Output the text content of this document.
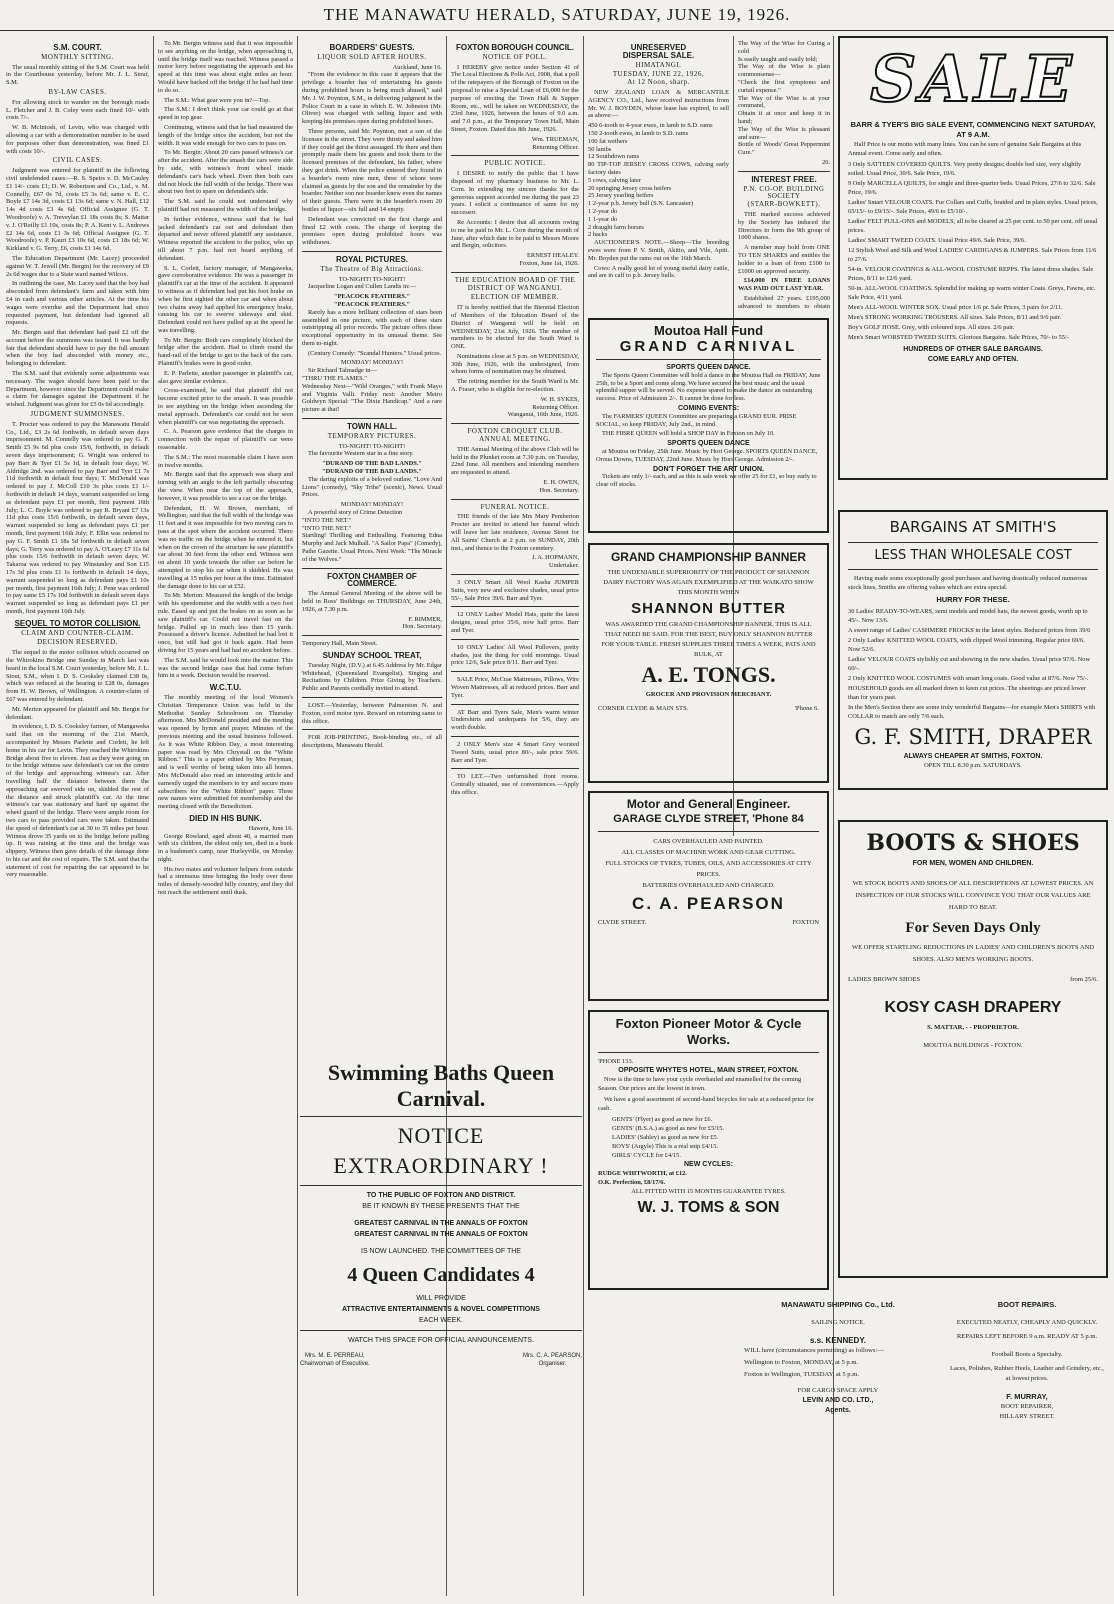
THE MANAWATU HERALD, SATURDAY, JUNE 19, 1926.
S.M. COURT.
MONTHLY SITTING.

The usual monthly sitting of the S.M. Court was held in the Courthouse yesterday, before Mr. J. L. Stout, S.M.

BY-LAW CASES.

For allowing stock to wander on the borough roads L. Fletcher and J. B. Coley were each fined 10/- with costs 7/-.

W. B. McIntosh, of Levin, who was charged with allowing a car with a demonstration number to be used for purposes other than demonstration, was fined £1 with costs 10/-.

CIVIL CASES.

Judgment was entered for plaintiff in the following civil undefended cases:—R. S. Speirs v. D. McCauley £1 14/- costs £1; D. W. Robertson and Co., Ltd., v. M. Connelly, £67 0s 7d, costs £5 3s 6d; same v. E. C. Boyle £7 14s 3d, costs £1 13s 6d; same v. N. Hall, £12 14s 4d costs £3 4s 6d; Official Assignee (G. T. Woodroofe) v. A. Treveylan £1 18s costs 8s; S. Mattar v. J. O'Reilly £1 10s, costs 8s; P. A. Kent v. L. Andrews £2 14s 6d, costs £1 3s 6d; Official Assignee (G. T. Woodroofe) v. P. Kauri £3 10s 6d, costs £1 18s 6d; W. Kirkland v. G. Terry, £6, costs £1 14s 6d.

The Education Department (Mr. Lacey) proceeded against W. T. Jewell (Mr. Bergin) for the recovery of £9 2s 6d wages due to a State ward named Wilcox.

In outlining the case, Mr. Lacey said that the boy had absconded from defendant's farm and taken with him £4 in cash and various other articles. At the time his wages were overdue and the Department had since requested payment, but defendant had ignored all requests.

Mr. Bergin said that defendant had paid £2 off the account before the summons was issued. It was hardly fair that defendant should have to pay the full amount when the boy had absconded with money etc., belonging to defendant.

The S.M. said that evidently some adjustments was necessary. The wages should have been paid to the Department, however since the Department could make a claim for damages against the Department if he wished. Judgment was given for £5 0s 6d accordingly.

JUDGMENT SUMMONSES.

T. Procter was ordered to pay the Manawatu Herald Co., Ltd., £3 2s 6d forthwith, in default seven days imprisonment. M. Connelly was ordered to pay G. F. Smith £5 9s 6d plus costs 15/6, forthwith, in default seven days imprisonment; G. Wright was ordered to pay Barr & Tyer £1 5s 1d, in default four days; W. Aldridge 2nd. was ordered to pay Barr and Tyer £1 7s 11d forthwith in default four days; T. McDonald was ordered to pay J. McColl £10 3s plus costs £1 1/- forthwith in default 14 days, warrant suspended so long as defendant pays £1 per month, first payment 16th July; L. C. Boyle was ordered to pay R. Bryant £7 13s 11d plus costs 15/6 forthwith, in default seven days, warrant suspended so long as defendant pays £1 per month, first payment 16th July; F. Ellin was ordered to pay G. F. Smith £1 18s 5d forthwith in default seven days; G. Terry was ordered to pay A. O'Leary £7 11s 6d plus costs 15/6 forthwith in default seven days; W. Takaroa was ordered to pay Winstanley and Son £15 17s 3d plus costs £1 1s forthwith in default 14 days, warrant suspended so long as defendant pays £1 10s per month, first payment 16th July; J. Pene was ordered to pay same £5 17s 10d forthwith in default seven days warrant suspended so long as defendant pays £1 per month, first payment 16th July.

SEQUEL TO MOTOR COLLISION.
CLAIM AND COUNTER-CLAIM.
DECISION RESERVED.

The sequel to the motor collision which occurred on the Whirokino Bridge one Sunday in March last was heard in the local S.M. Court yesterday, before Mr. J. L. Stout, S.M., when I. D. S. Cooksley claimed £38 0s, which was reduced at the hearing to £28 0s, damages from H. W. Brown, of Wellington. A counter-claim of £67 was entered by defendant.

Mr. Merton appeared for plaintiff and Mr. Bergin for defendant.

In evidence, I. D. S. Cooksley farmer, of Mangaweka said that on the morning of the 21st March, accompanied by Messrs Parlette and Corlett, he left home in his car for Levin. They reached the Whirokino Bridge about five to eleven. Just as they were going on to the bridge witness saw defendant's car on the centre of the bridge and approaching witness's car. After travelling half the distance between them the approaching car swerved side on, skidded the rest of the distance and struck plaintiff's car. At the time witness's car was stationary and hard up against the wheel guard of the bridge. There were ample room for two cars to pass provided cars were taken. Estimated the speed of defendant's car at 30 to 35 miles per hour. Witness drove 35 yards on to the bridge before pulling up. It was raining at the time and the bridge was slippery. Witness then gave details of the damage done to his car and the cost of repairs. The S.M. said that the statement of cost for repairing the car appeared to be very reasonable.

To Mr. Bergin witness said that it was impossible to see anything on the bridge, when approaching it, until the bridge itself was reached. Witness passed a motor lorry before negotiating the approach and his speed at this time was about eight miles an hour. Would have backed off the bridge if he had had time to do so.

The S.M.: What gear were you in?—Top.

The S.M.: I don't think your car could go at that speed in top gear.

Continuing, witness said that he had measured the length of the bridge since the accident, but not the width. It was wide enough for two cars to pass on.

To Mr. Bergin: About 20 cars passed witness's car after the accident. After the smash the cars were side by side, with witness's front wheel inside defendant's car's back wheel. Even then both cars did not block the full width of the bridge. There was about two feet to spare on defendant's side.

The S.M. said he could not understand why plaintiff had not measured the width of the bridge.

In further evidence, witness said that he had jacked defendant's car out and defendant then departed and never offered plaintiff any assistance. Witness reported the accident to the police, who up till about 7 p.m. had not heard anything of defendant.

S. L. Corlett, factory manager, of Mangaweka, gave corroborative evidence. He was a passenger in plaintiff's car at the time of the accident. It appeared to witness as if defendant had put his foot brake on when he first sighted the other car and when about two chains away had applied his emergency brake, causing his car to swerve sideways and skid. Defendant could not have pulled up at the speed he was travelling.

To Mr. Bergin: Both cars completely blocked the bridge after the accident. Had to climb round the hand-rail of the bridge to get to the back of the cars. Plaintiff's brakes were in good order.

E. P. Parlette, another passenger in plaintiff's car, also gave similar evidence.

Cross-examined, he said that plaintiff did not become excited prior to the smash. It was possible to see anything on the bridge when ascending the metal approach. Defendant's car could not be seen when plaintiff's car was negotiating the approach.

C. A. Pearson gave evidence that the charges in connection with the repair of plaintiff's car were reasonable.

The S.M.: The most reasonable claim I have seen in twelve months.

Mr. Bergin said that the approach was sharp and turning with an angle to the left partially obscuring the view. When near the top of the approach, however, it was possible to see a car on the bridge.

Defendant, H. W. Brown, merchant, of Wellington, said that the full width of the bridge was 11 feet and it was impossible for two moving cars to pass at the spot where the accident occurred. There was no traffic on the bridge when he entered it, but when on the crown of the structure he saw plaintiff's car about 30 feet from the other end. Witness sent on about 10 yards towards the other car before he attempted to stop his car when it skidded. He was travelling at 15 miles per hour at the time. Estimated the damage done to his car at £52.

To Mr. Merton: Measured the length of the bridge with his speedometer and the width with a two foot rule. Eased up and put the brakes on as soon as he saw plaintiff's car. Could not travel fast on the bridge. Pulled up in much less than 15 yards. Possessed a driver's licence. Admitted he had lost it once, but still had got it back again. Had been driving for 15 years and had had no accident before.

The S.M. said he would look into the matter. This was the second bridge case that had come before him in a week. Decision would be reserved.

W.C.T.U.

The monthly meeting of the local Women's Christian Temperance Union was held in the Methodist Sunday Schoolroom on Thursday afternoon. Mrs McDonald presided and the meeting was opened by hymn and prayer. Minutes of the previous meeting and the usual business followed. As it was White Ribbon Day, a most interesting paper was read by Mrs Chrystall on the "White Ribbon." This is a paper edited by Mrs Peryman, and is well worthy of being taken into all homes. Mrs McDonald also read an interesting article and earnestly urged the members to try and secure more subscribers for the "White Ribbon" paper. Three new names were submitted for membership and the meeting closed with the Benediction.

DIED IN HIS BUNK.
Hawera, June 16.

George Rowland, aged about 40, a married man with six children, the eldest only ten, died in a bunk in a bushmen's camp, near Hurleyville, on Monday night.

His two mates and volunteer helpers from outside had a strenuous time bringing the body over three miles of densely-wooded hilly country, and they did not reach the settlement until dusk.

BOARDERS' GUESTS.
LIQUOR SOLD AFTER HOURS.
Auckland, June 16.

"From the evidence in this case it appears that the privilege a boarder has of entertaining his guests during prohibited hours is being much abused," said Mr. J. W. Poynton, S.M., in delivering judgment in the Police Court in a case in which E. W. Johnston (Mr. Oliver) was charged with selling liquor and with keeping his premises open during prohibited hours.

Three persons, said Mr. Poynton, met a son of the licensee in the street. They were thirsty and asked him if they could get the thirst assuaged. He there and then promptly made them his guests and took them to the licensed premises of the defendant, his father, where they got drink. When the police entered they found in a boarder's room nine men, three of whom were claimed as guests by the son and the remainder by the boarder. Neither son nor boarder knew even the names of their guests. There were in the boarder's room 20 bottles of liquor—six full and 14 empty.

Defendant was convicted on the first charge and fined £2 with costs. The charge of keeping the premises open during prohibited hours was withdrawn.

ROYAL PICTURES.
The Theatre of Big Attractions.
TO-NIGHT! TO-NIGHT!

Jacqueline Logan and Cullen Landis in:—

"PEACOCK FEATHERS."
"PEACOCK FEATHERS."

Rarely has a more brilliant collection of stars been assembled in one picture, with each of these stars outstripping all prior records. The picture offers these exceptional opportunity in its unusual theme. See them to-night.

(Century Comedy: "Scandal Hunters." Usual prices.

MONDAY! MONDAY!

Sir Richard Talmadge in—
"THRU THE FLAMES."
Wednesday Next—"Wild Oranges," with Frank Mayo and Virginia Valli. Friday next: Another Metro Goldwyn Special: "The Dixie Handicap." And a rare picture at that!

TOWN HALL.
TEMPORARY PICTURES.
TO-NIGHT! TO-NIGHT!

The favourite Western star in a fine story.

"DURAND OF THE BAD LANDS."
"DURAND OF THE BAD LANDS."

The daring exploits of a beloved outlaw. "Love And Lions" (comedy), "Sky Tribe" (scenic), News. Usual Prices.

MONDAY! MONDAY!

A powerful story of Crime Detection
"INTO THE NET."
"INTO THE NET."
Startling! Thrilling and Enthralling. Featuring Edna Murphy and Jack Mulhall. "A Sailor Papa" (Comedy), Pathe Gazette. Usual Prices. Next Week: "The Miracle of the Wolves."

FOXTON CHAMBER OF COMMERCE.

The Annual General Meeting of the above will be held in Ross' Buildings on THURSDAY, June 24th, 1926, at 7.30 p.m.

F. RIMMER,
Hon. Secretary.
Temporary Hall, Main Street.
SUNDAY SCHOOL TREAT,

Tuesday Night, (D.V.) at 6.45 Address by Mr. Edgar Whitehead, (Queensland Evangelist). Singing and Recitations by Children. Prize Giving by Teachers. Public and Parents cordially invited to attend.

LOST.—Yesterday, between Palmerston N. and Foxton, cord motor tyre. Reward on returning same to this office.

FOR JOB-PRINTING, Book-binding etc., of all descriptions, Manawatu Herald.

FOXTON BOROUGH COUNCIL.
NOTICE OF POLL.

I HEREBY give notice under Section 41 of The Local Elections & Polls Act, 1908, that a poll of the ratepayers of the Borough of Foxton on the proposal to raise a Special Loan of £6,000 for the purpose of erecting the Town Hall & Supper Room, etc., will be taken on WEDNESDAY, the 23rd June, 1926, between the hours of 9.0 a.m. and 7.0 p.m., at the Temporary Town Hall, Main Street, Foxton. Dated this 8th June, 1926.

Wm. TRUEMAN,
Returning Officer.
PUBLIC NOTICE.

I DESIRE to notify the public that I have disposed of my pharmacy business to Mr. L. Corn. In extending my sincere thanks for the generous support accorded me during the past 23 years. I solicit a continuance of same for my successor.

Re Accounts: I desire that all accounts owing to me be paid to Mr. L. Corn during the month of June, after which date to be paid to Messrs Moore and Bergin, solicitors.

ERNEST HEALEY.
Foxton, June 1st, 1926.
THE EDUCATION BOARD OF THE DISTRICT OF WANGANUI.
ELECTION OF MEMBER.

IT is hereby notified that the Biennial Election of Members of the Education Board of the District of Wanganui will be held on WEDNESDAY, 21st July, 1926. The number of members to be elected for the South Ward is ONE.

Nominations close at 5 p.m. on WEDNESDAY, 30th June, 1926, with the undersigned, from whom forms of nomination may be obtained.

The retiring member for the South Ward is Mr. A. Fraser, who is eligible for re-election.

W. H. SYKES,
Returning Officer.
Wanganui, 16th June, 1926.
FOXTON CROQUET CLUB.
ANNUAL MEETING.

THE Annual Meeting of the above Club will be held in the Plunket room at 7.30 p.m. on Tuesday, 22nd June. All members and intending members are requested to attend.

E. H. OWEN,
Hon. Secretary.
FUNERAL NOTICE.

THE friends of the late Mrs Mary Pemberton Procter are invited to attend her funeral which will leave her late residence, Avenue Street for All Saints' Church at 2 p.m. on SUNDAY, 20th inst., and thence to the Foxton cemetery.

J. A. HOPMANN,
Undertaker.

3 ONLY Smart All Wool Kasha JUMPER Suits, very new and exclusive shades, usual price 55/-, Sale Price 39/6. Barr and Tyer.

12 ONLY Ladies' Model Hats, quite the latest designs, usual price 35/6, now half price. Barr and Tyer.

10 ONLY Ladies' All Wool Pullovers, pretty shades, just the thing for cold mornings. Usual price 12/6, Sale price 8/11. Barr and Tyer.

SALE Price, McCrae Mattresses, Pillows, Wire Woven Mattresses, all at reduced prices. Barr and Tyer.

AT Barr and Tyers Sale, Men's warm winter Undershirts and underpants for 5/6, they are worth double.

2 ONLY Men's size 4 Smart Grey worsted Tweed Suits, usual price 80/-, sale price 59/6. Barr and Tyer.

TO LET.—Two unfurnished front rooms. Centrally situated, use of conveniences.—Apply this office.

Swimming Baths Queen Carnival.
NOTICE EXTRAORDINARY !
TO THE PUBLIC OF FOXTON AND DISTRICT.
BE IT KNOWN BY THESE PRESENTS THAT THE
GREATEST CARNIVAL IN THE ANNALS OF FOXTON
GREATEST CARNIVAL IN THE ANNALS OF FOXTON
IS NOW LAUNCHED. THE COMMITTEES OF THE
4 Queen Candidates 4
WILL PROVIDE
ATTRACTIVE ENTERTAINMENTS & NOVEL COMPETITIONS
EACH WEEK.
WATCH THIS SPACE FOR OFFICIAL ANNOUNCEMENTS.
Mrs. M. E. PERREAU,
Chairwoman of Executive.
Mrs. C. A. PEARSON,
Organiser.
UNRESERVED
DISPERSAL SALE.
HIMATANGI.
TUESDAY, JUNE 22, 1926,
At 12 Noon, sharp.

NEW ZEALAND LOAN & MERCANTILE AGENCY CO., Ltd., have received instructions from Mr. W. J. BOYDEN, whose lease has expired, to sell as above:—

450 6-tooth to 4-year ewes, in lamb to S.D. rams
150 2-tooth ewes, in lamb to S.D. rams
100 fat wethers
50 lambs
12 Southdown rams
80 TIP-TOP JERSEY CROSS COWS, calving early factory dates
5 cows, calving later
20 springing Jersey cross heifers
25 Jersey yearling heifers
1 2-year p.b. Jersey bull (S.N. Lancaster)
1 2-year do
1 1-year do
2 draught farm horses
2 hacks

AUCTIONEER'S NOTE.—Sheep—The breeding ewes were from P. V. Smith, Akitio, and Vile, Apiti. Mr. Boyden put the rams out on the 16th March.

Cows: A really good lot of young useful dairy cattle, and are in calf to p.b. Jersey bulls.

The Way of the Wise for Curing a cold
Is easily taught and easily told;
The Way of the Wise is plain commonsense—
"Check the first symptoms and curtail expense."
The Way of the Wise is at your command,
Obtain it at once and keep it in hand;
The Way of the Wise is pleasant and sure—
Bottle of Woods' Great Peppermint Cure."

20.
INTEREST FREE.
P.N. CO-OP. BUILDING SOCIETY
(STARR-BOWKETT).

THE marked success achieved by the Society has induced the Directors to form the 9th group of 1000 shares.

A member may hold from ONE TO TEN SHARES and entitles the holder to a loan of from £100 to £1000 on approved security.

£14,000 IN FREE LOANS WAS PAID OUT LAST YEAR.

Established 27 years. £195,000 advanced to members to obtain

Moutoa Hall Fund
GRAND CARNIVAL
SPORTS QUEEN DANCE.

The Sports Queen Committee will hold a dance in the Moutoa Hall on FRIDAY, June 25th, to be a Sport and come along. We have secured the best music and the usual splendid supper will be served. No expense spared to make the dance an outstanding success. Price of Admission 2/-. It cannot be done for less.

COMING EVENTS:

The FARMERS' QUEEN Committee are preparing a GRAND EUR. PRISE SOCIAL, so keep FRIDAY, July 2nd., in mind.

THE FIBRE QUEEN will hold a SHOP DAY in Foxton on July 10.

SPORTS QUEEN DANCE

at Moutoa on Friday, 25th June. Music by Hori George. SPORTS QUEEN DANCE, Oroua Downs, TUESDAY, 22nd June. Music by Hori George. Admission 2/-.

DON'T FORGET THE ART UNION.

Tickets are only 1/- each, and as this is sale week we offer 25 for £1, so buy early to clear off stocks.

GRAND CHAMPIONSHIP BANNER
THE UNDENIABLE SUPERIORITY OF THE PRODUCT OF SHANNON DAIRY FACTORY WAS AGAIN EXEMPLIFIED AT THE WAIKATO SHOW THIS MONTH WHEN
SHANNON BUTTER
WAS AWARDED THE GRAND CHAMPIONSHIP BANNER. THIS IS ALL THAT NEED BE SAID. FOR THE BEST, BUY ONLY SHANNON BUTTER FOR YOUR TABLE. FRESH SUPPLIES THREE TIMES A WEEK, PATS AND BULK, AT
A. E. TONGS.
GROCER AND PROVISION MERCHANT.
CORNER CLYDE & MAIN STS.	'Phone 6.
Motor and General Engineer.
GARAGE CLYDE STREET, 'Phone 84
CARS OVERHAULED AND PAINTED.
ALL CLASSES OF MACHINE WORK AND GEAR CUTTING.
FULL STOCKS OF TYRES, TUBES, OILS, AND ACCESSORIES AT CITY PRICES.
BATTERIES OVERHAULED AND CHARGED.
C. A. PEARSON
CLYDE STREET.	FOXTON
Foxton Pioneer Motor & Cycle Works.
'PHONE 133.
OPPOSITE WHYTE'S HOTEL, MAIN STREET, FOXTON.

Now is the time to have your cycle overhauled and enamelled for the coming Season. Our prices are the lowest in town.

We have a good assortment of second-hand bicycles for sale at a reduced price for cash.

GENTS' (Flyer) as good as new for £6.
GENTS' (B.S.A.) as good as new for £5/15.
LADIES' (Sahley) as good as new for £5.
BOYS' (Argyle) This is a real snip £4/15.
GIRLS' CYCLE for £4/15.
NEW CYCLES:
RUDGE WHITWORTH, at £12.
O.K. Perfection, £8/17/6.
ALL FITTED WITH 15 MONTHS GUARANTEE TYRES.
W. J. TOMS & SON
SALE
BARR & TYER'S BIG SALE EVENT, COMMENCING NEXT SATURDAY, AT 9 A.M.

Half Price is our motto with many lines. You can be sure of genuine Sale Bargains at this Annual event. Come early and often.

3 Only SATTEEN COVERED QUILTS. Very pretty designs; double bed size, very slightly soiled. Usual Price, 30/6. Sale Price, 19/6.
9 Only MARCELLA QUILTS, for single and three-quarter beds. Usual Prices, 27/6 to 32/6. Sale Price, 19/6.
Ladies' Smart VELOUR COATS. Fur Collars and Cuffs, braided and in plain styles. Usual prices, 65/15/- to £9/15/-. Sale Prices, 49/6 to £5/10/-.
Ladies' FELT PULL-ONS and MODELS, all to be cleared at 25 per cent. to 50 per cent. off usual prices.
Ladies' SMART TWEED COATS. Usual Price 49/6. Sale Price, 39/6.
12 Stylish Wool and Silk and Wool LADIES' CARDIGANS & JUMPERS. Sale Prices from 11/6 to 27/6.
54-in. VELOUR COATINGS & ALL-WOOL COSTUME REPPS. The latest dress shades. Sale Prices, 8/11 to 12/6 yard.
50-in. ALL-WOOL COATINGS. Splendid for making up warm winter Coats. Greys, Fawns, etc. Sale Price, 4/11 yard.
Men's ALL-WOOL WINTER SOX. Usual price 1/6 pr. Sale Prices, 3 pairs for 2/11.
Men's STRONG WORKING TROUSERS. All sizes. Sale Prices, 8/11 and 9/6 pair.
Boy's GOLF HOSE. Grey, with coloured tops. All sizes. 2/6 pair.
Men's Smart WORSTED TWEED SUITS. Glorious Bargains. Sale Prices, 70/- to 55/-
HUNDREDS OF OTHER SALE BARGAINS.
COME EARLY AND OFTEN.
BARGAINS AT SMITH'S
LESS THAN WHOLESALE COST

Having made some exceptionally good purchases and having drastically reduced numerous stock lines, Smiths are offering values which are extra special.

HURRY FOR THESE.
30 Ladies' READY-TO-WEARS, semi models and model hats, the newest goods, worth up to 45/-. Now 13/6.
A sweet range of Ladies' CASHMERE FROCKS in the latest styles. Reduced prices from 39/6
2 Only Ladies' KNITTED WOOL COATS, with clipped Wool trimming. Regular price 69/6. Now 52/6.
Ladies' VELOUR COATS stylishly cut and showing in the new shades. Usual price 97/6. Now 60/-.
2 Only KNITTED WOOL COSTUMES with smart long coats. Good value at 87/6. Now 75/-.
HOUSEHOLD goods are all marked down to keen cut prices. The sheetings are priced lower than for years past.
In the Men's Section there are some truly wonderful Bargains—for example Men's SHIRTS with COLLAR to match are only 7/6 each.
G. F. SMITH, DRAPER
ALWAYS CHEAPER AT SMITHS, FOXTON.
OPEN TILL 8.30 p.m. SATURDAYS.
BOOTS & SHOES
FOR MEN, WOMEN AND CHILDREN.
WE STOCK BOOTS AND SHOES OF ALL DESCRIPTIONS AT LOWEST PRICES. AN INSPECTION OF OUR STOCKS WILL CONVINCE YOU THAT OUR VALUES ARE HARD TO BEAT.
For Seven Days Only
WE OFFER STARTLING REDUCTIONS IN LADIES' AND CHILDREN'S BOOTS AND SHOES. ALSO MEN'S WORKING BOOTS.
LADIES BROWN SHOES	from 25/6.
KOSY CASH DRAPERY
S. MATTAR, - - PROPRIETOR.
MOUTOA BUILDINGS - FOXTON.
MANAWATU SHIPPING Co., Ltd.
SAILING NOTICE.
s.s. KENNEDY.

WILL have (circumstances permitting) as follows:—

Wellington to Foxton, MONDAY, at 5 p.m.

Foxton to Wellington, TUESDAY, at 5 p.m.

FOR CARGO SPACE APPLY
LEVIN AND CO. LTD.,
Agents.
BOOT REPAIRS.
EXECUTED NEATLY, CHEAPLY AND QUICKLY.
REPAIRS LEFT BEFORE 9 a.m. READY AT 5 p.m.
Football Boots a Specialty.
Laces, Polishes, Rubber Heels, Leather and Grindery, etc., at lowest prices.
F. MURRAY,
BOOT REPAIRER,
HILLARY STREET.
